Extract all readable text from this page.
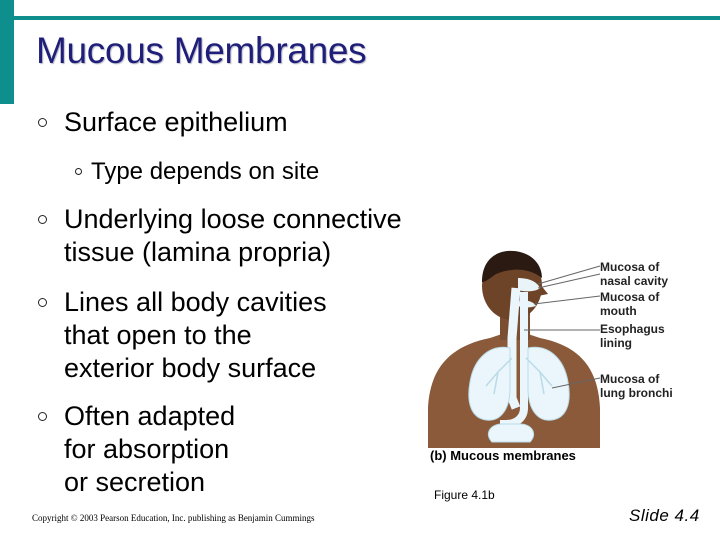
Mucous Membranes
Surface epithelium
Type depends on site
Underlying loose connective
tissue (lamina propria)
Lines all body cavities
that open to the
exterior body surface
Often adapted
for absorption
or secretion
Mucosa of
nasal cavity
Mucosa of
mouth
Esophagus
lining
Mucosa of
lung bronchi
(b) Mucous membranes
Figure 4.1b
Copyright © 2003 Pearson Education, Inc. publishing as Benjamin Cummings	Slide 4.4
